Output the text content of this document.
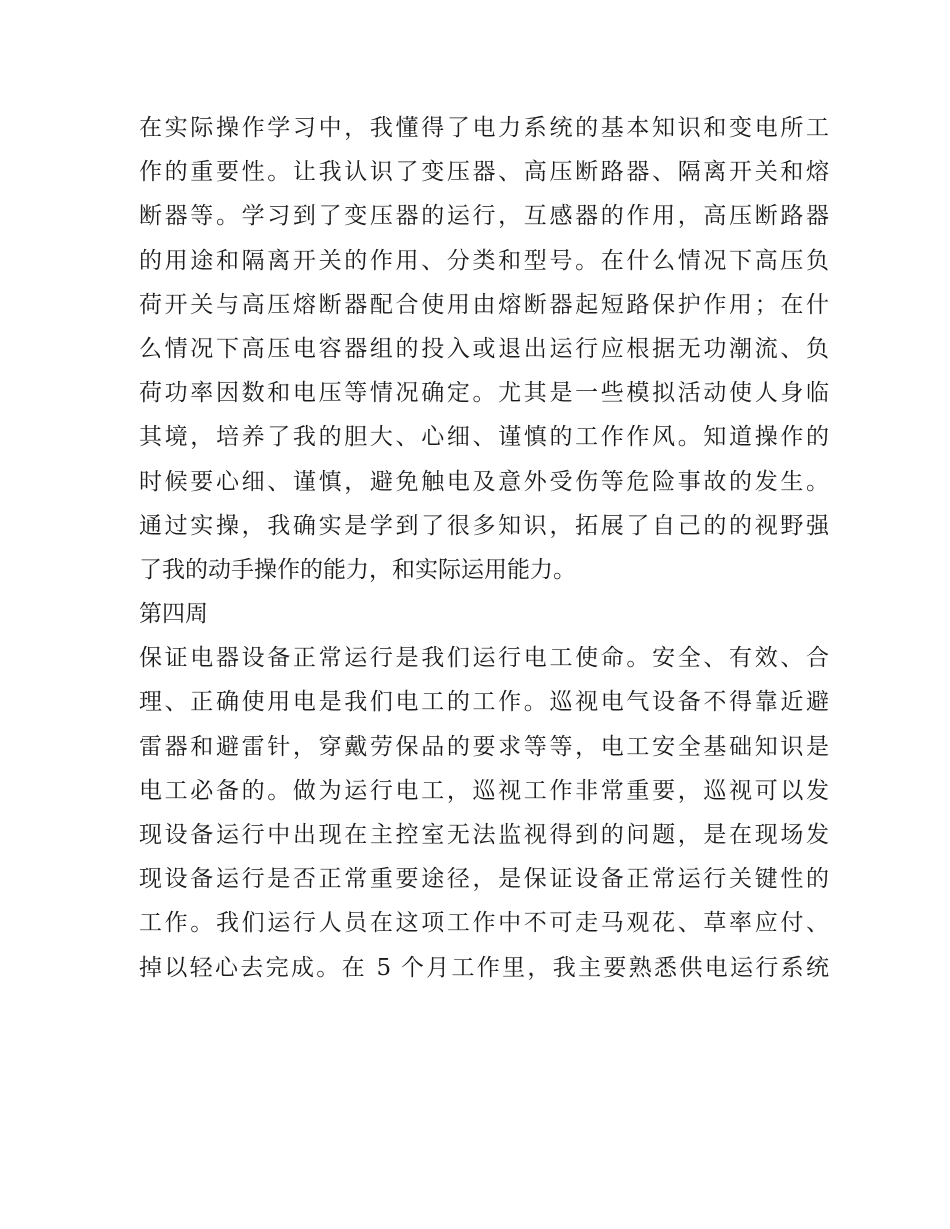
在实际操作学习中，我懂得了电力系统的基本知识和变电所工
作的重要性。让我认识了变压器、高压断路器、隔离开关和熔
断器等。学习到了变压器的运行，互感器的作用，高压断路器
的用途和隔离开关的作用、分类和型号。在什么情况下高压负
荷开关与高压熔断器配合使用由熔断器起短路保护作用；在什
么情况下高压电容器组的投入或退出运行应根据无功潮流、负
荷功率因数和电压等情况确定。尤其是一些模拟活动使人身临
其境，培养了我的胆大、心细、谨慎的工作作风。知道操作的
时候要心细、谨慎，避免触电及意外受伤等危险事故的发生。
通过实操，我确实是学到了很多知识，拓展了自己的的视野强
了我的动手操作的能力，和实际运用能力。
第四周
保证电器设备正常运行是我们运行电工使命。安全、有效、合
理、正确使用电是我们电工的工作。巡视电气设备不得靠近避
雷器和避雷针，穿戴劳保品的要求等等，电工安全基础知识是
电工必备的。做为运行电工，巡视工作非常重要，巡视可以发
现设备运行中出现在主控室无法监视得到的问题，是在现场发
现设备运行是否正常重要途径，是保证设备正常运行关键性的
工作。我们运行人员在这项工作中不可走马观花、草率应付、
掉以轻心去完成。在 5 个月工作里，我主要熟悉供电运行系统
